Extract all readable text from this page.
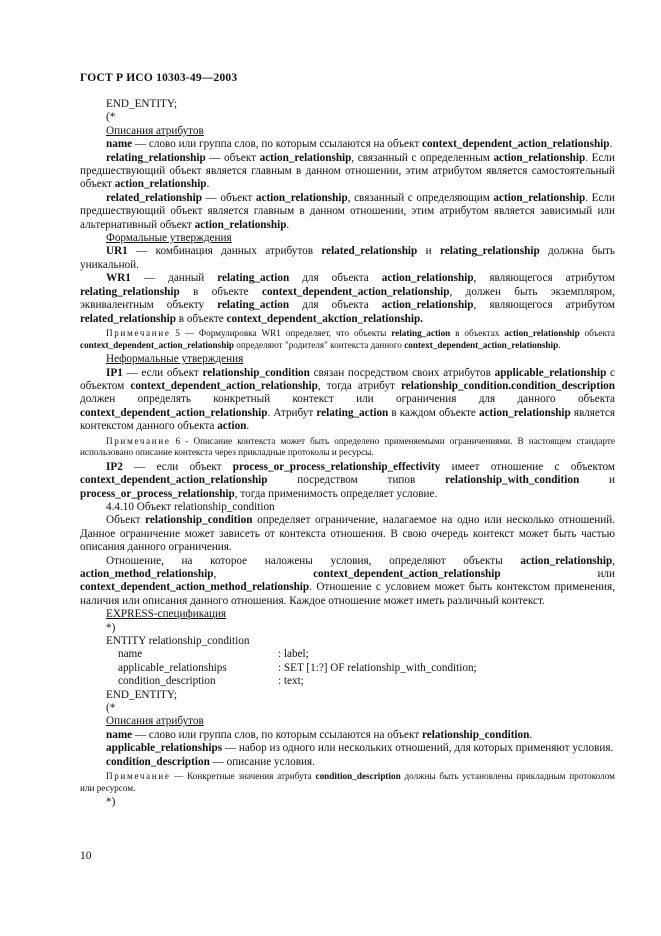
ГОСТ Р ИСО 10303-49—2003

END_ENTITY;

(*

Описания атрибутов

name — слово или группа слов, по которым ссылаются на объект context_dependent_action_relationship.

relating_relationship — объект action_relationship, связанный с определенным action_relationship. Если предшествующий объект является главным в данном отношении, этим атрибутом является самостоятельный объект action_relationship.

related_relationship — объект action_relationship, связанный с определяющим action_relationship. Если предшествующий объект является главным в данном отношении, этим атрибутом является зависимый или альтернативный объект action_relationship.

Формальные утверждения

UR1 — комбинация данных атрибутов related_relationship и relating_relationship должна быть уникальной.

WR1 — данный relating_action для объекта action_relationship, являющегося атрибутом relating_relationship в объекте context_dependent_action_relationship, должен быть экземпляром, эквивалентным объекту relating_action для объекта action_relationship, являющегося атрибутом related_relationship в объекте context_dependent_akction_relationship.

Примечание 5 — Формулировка WR1 определяет, что объекты relating_action в объектах action_relationship объекта context_dependent_action_relationship определяют "родителя" контекста данного context_dependent_action_relationship.

Неформальные утверждения

IP1 — если объект relationship_condition связан посредством своих атрибутов applicable_relationship с объектом context_dependent_action_relationship, тогда атрибут relationship_condition.condition_description должен определять конкретный контекст или ограничения для данного объекта context_dependent_action_relationship. Атрибут relating_action в каждом объекте action_relationship является контекстом данного объекта action.

Примечание 6 - Описание контекста может быть определено применяемыми ограничениями. В настоящем стандарте использовано описание контекста через прикладные протоколы и ресурсы.

IP2 — если объект process_or_process_relationship_effectivity имеет отношение с объектом context_dependent_action_relationship посредством типов relationship_with_condition и process_or_process_relationship, тогда применимость определяет условие.

4.4.10 Объект relationship_condition

Объект relationship_condition определяет ограничение, налагаемое на одно или несколько отношений. Данное ограничение может зависеть от контекста отношения. В свою очередь контекст может быть частью описания данного ограничения.

Отношение, на которое наложены условия, определяют объекты action_relationship, action_method_relationship, context_dependent_action_relationship или context_dependent_action_method_relationship. Отношение с условием может быть контекстом применения, наличия или описания данного отношения. Каждое отношение может иметь различный контекст.

EXPRESS-спецификация

*)

ENTITY relationship_condition

name	: label;

applicable_relationships	: SET [1:?] OF relationship_with_condition;

condition_description	: text;

END_ENTITY;

(*

Описания атрибутов

name — слово или группа слов, по которым ссылаются на объект relationship_condition.

applicable_relationships — набор из одного или нескольких отношений, для которых применяют условия.

condition_description — описание условия.

Примечание — Конкретные значения атрибута condition_description должны быть установлены прикладным протоколом или ресурсом.

*)

10
